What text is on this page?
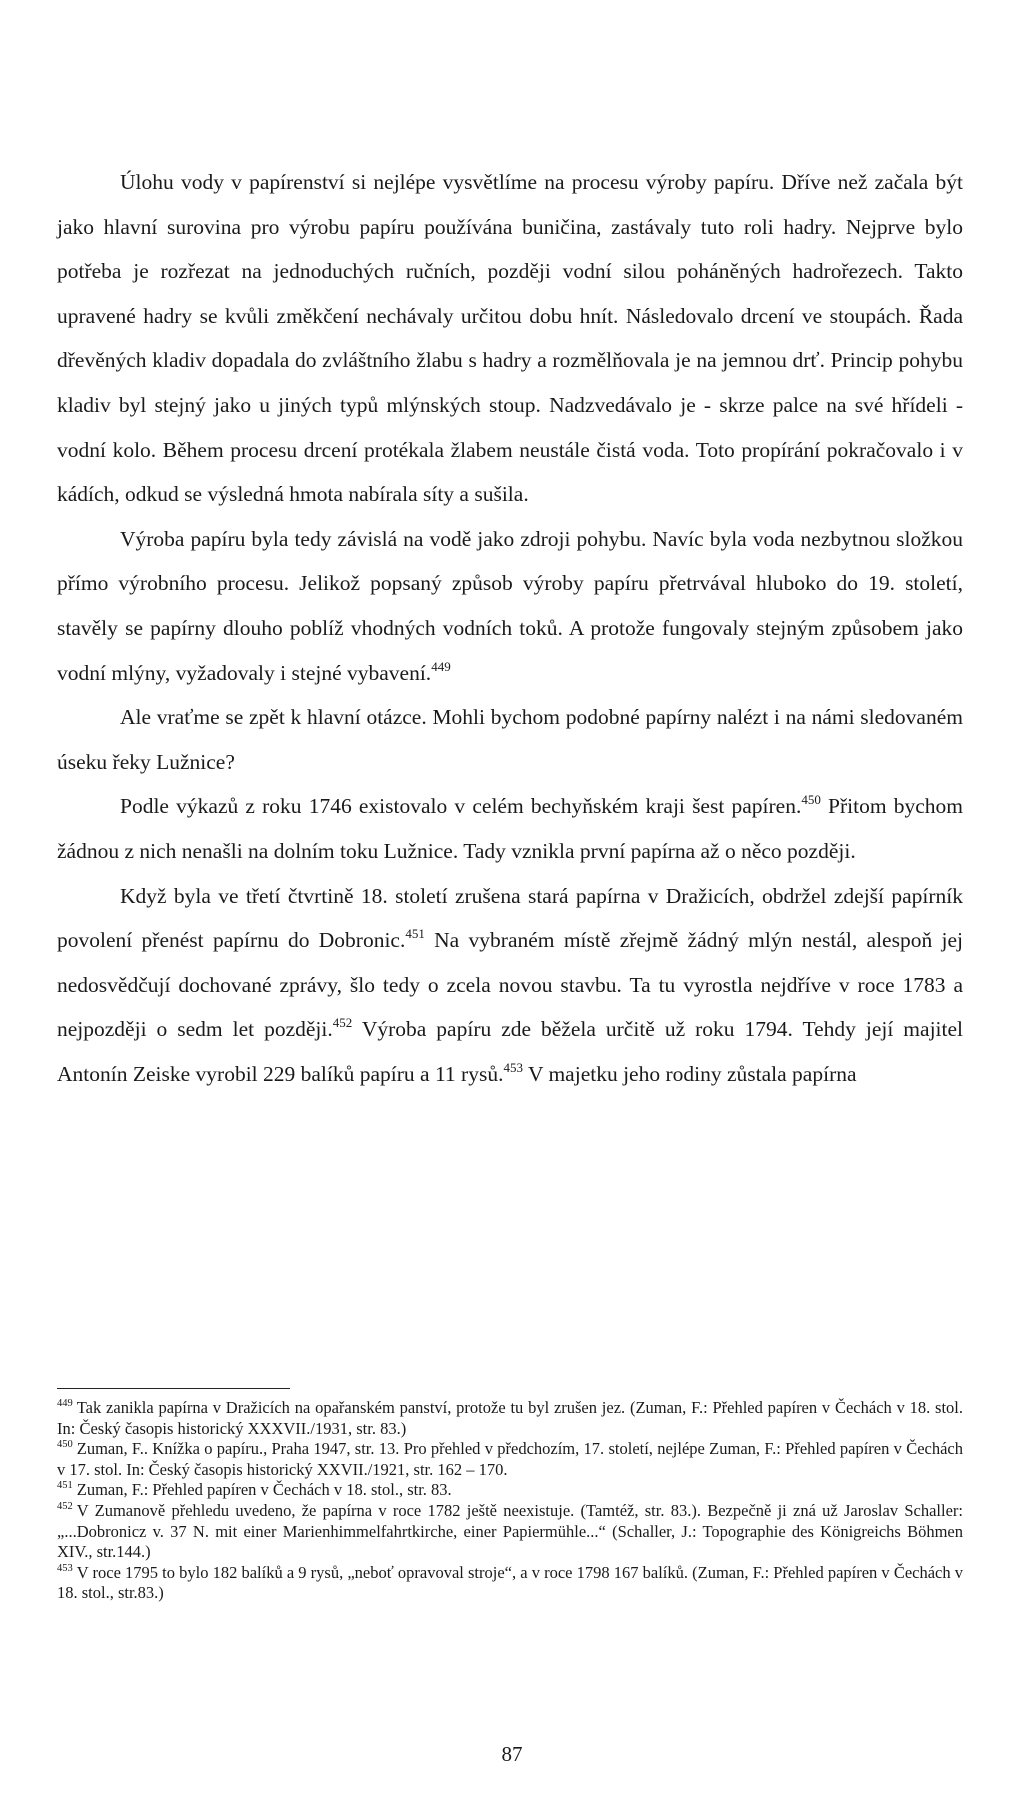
Úlohu vody v papírenství si nejlépe vysvětlíme na procesu výroby papíru. Dříve než začala být jako hlavní surovina pro výrobu papíru používána buničina, zastávaly tuto roli hadry. Nejprve bylo potřeba je rozřezat na jednoduchých ručních, později vodní silou poháněných hadrořezech. Takto upravené hadry se kvůli změkčení nechávaly určitou dobu hnít. Následovalo drcení ve stoupách. Řada dřevěných kladiv dopadala do zvláštního žlabu s hadry a rozmělňovala je na jemnou drť. Princip pohybu kladiv byl stejný jako u jiných typů mlýnských stoup. Nadzvedávalo je - skrze palce na své hřídeli - vodní kolo. Během procesu drcení protékala žlabem neustále čistá voda. Toto propírání pokračovalo i v kádích, odkud se výsledná hmota nabírala síty a sušila.

Výroba papíru byla tedy závislá na vodě jako zdroji pohybu. Navíc byla voda nezbytnou složkou přímo výrobního procesu. Jelikož popsaný způsob výroby papíru přetrvával hluboko do 19. století, stavěly se papírny dlouho poblíž vhodných vodních toků. A protože fungovaly stejným způsobem jako vodní mlýny, vyžadovaly i stejné vybavení.$^{449}$

Ale vraťme se zpět k hlavní otázce. Mohli bychom podobné papírny nalézt i na námi sledovaném úseku řeky Lužnice?

Podle výkazů z roku 1746 existovalo v celém bechyňském kraji šest papíren.$^{450}$ Přitom bychom žádnou z nich nenašli na dolním toku Lužnice. Tady vznikla první papírna až o něco později.

Když byla ve třetí čtvrtině 18. století zrušena stará papírna v Dražicích, obdržel zdejší papírník povolení přenést papírnu do Dobronic.$^{451}$ Na vybraném místě zřejmě žádný mlýn nestál, alespoň jej nedosvědčují dochované zprávy, šlo tedy o zcela novou stavbu. Ta tu vyrostla nejdříve v roce 1783 a nejpozději o sedm let později.$^{452}$ Výroba papíru zde běžela určitě už roku 1794. Tehdy její majitel Antonín Zeiske vyrobil 229 balíků papíru a 11 rysů.$^{453}$ V majetku jeho rodiny zůstala papírna

$^{449}$ Tak zanikla papírna v Dražicích na opařanském panství, protože tu byl zrušen jez. (Zuman, F.: Přehled papíren v Čechách v 18. stol. In: Český časopis historický XXXVII./1931, str. 83.)

$^{450}$ Zuman, F.. Knížka o papíru., Praha 1947, str. 13. Pro přehled v předchozím, 17. století, nejlépe Zuman, F.: Přehled papíren v Čechách v 17. stol. In: Český časopis historický XXVII./1921, str. 162 – 170.

$^{451}$ Zuman, F.: Přehled papíren v Čechách v 18. stol., str. 83.

$^{452}$ V Zumanově přehledu uvedeno, že papírna v roce 1782 ještě neexistuje. (Tamtéž, str. 83.). Bezpečně ji zná už Jaroslav Schaller: „...Dobronicz v. 37 N. mit einer Marienhimmelfahrtkirche, einer Papiermühle...“ (Schaller, J.: Topographie des Königreichs Böhmen XIV., str.144.)

$^{453}$ V roce 1795 to bylo 182 balíků a 9 rysů, „neboť opravoval stroje“, a v roce 1798 167 balíků. (Zuman, F.: Přehled papíren v Čechách v 18. stol., str.83.)

87
